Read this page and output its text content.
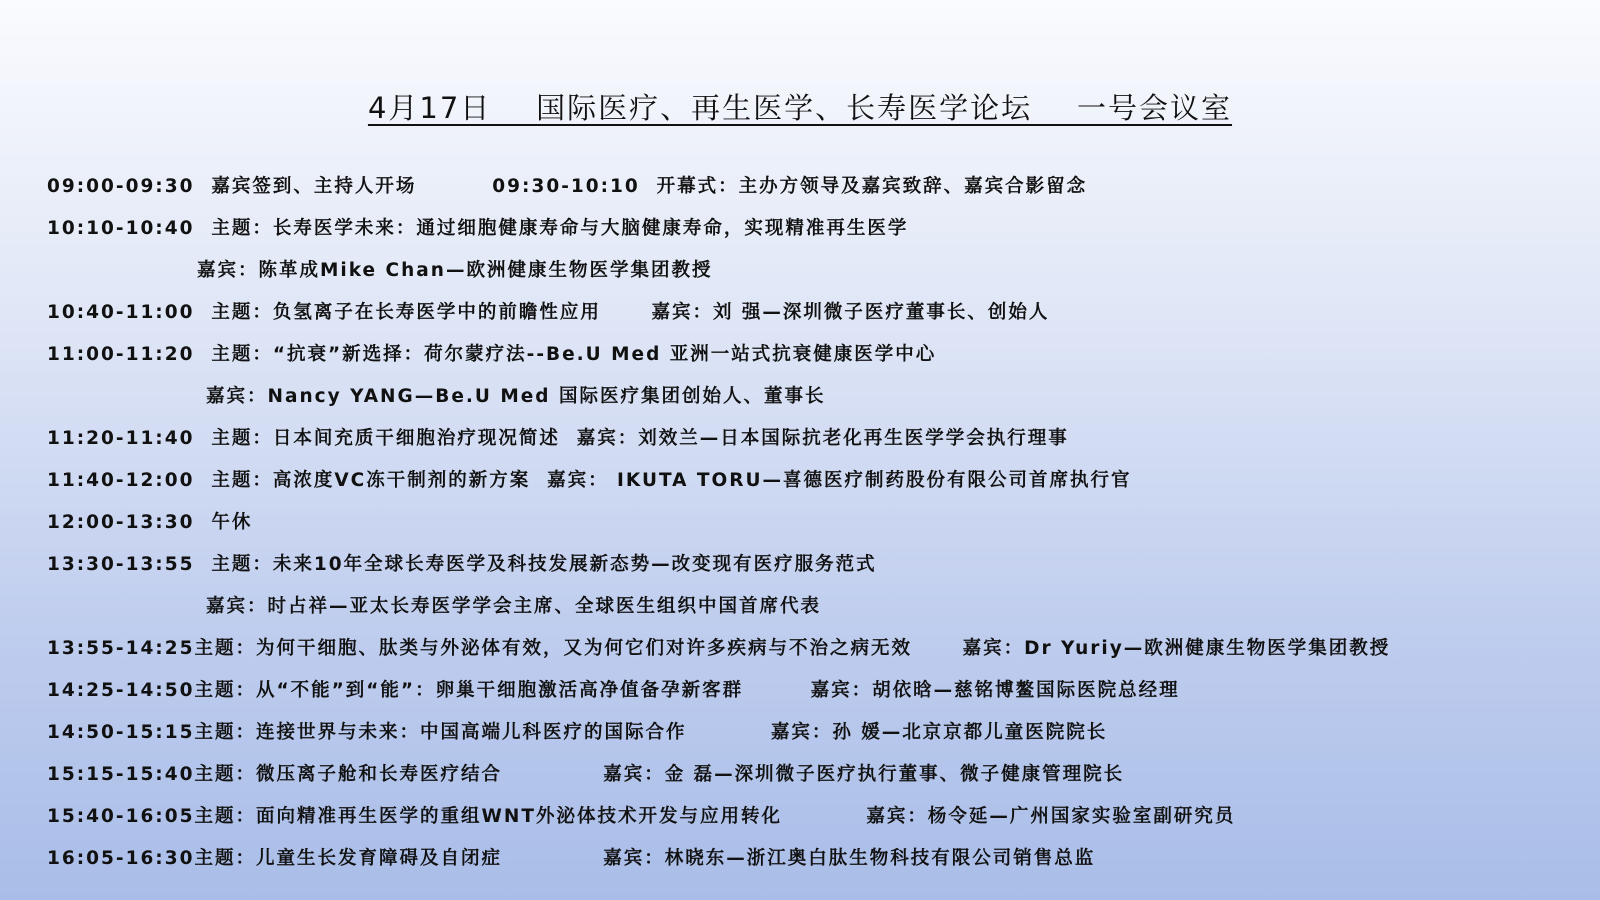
4月17日    国际医疗、再生医学、长寿医学论坛    一号会议室
09:00-09:30  嘉宾签到、主持人开场         09:30-10:10  开幕式：主办方领导及嘉宾致辞、嘉宾合影留念
10:10-10:40  主题：长寿医学未来：通过细胞健康寿命与大脑健康寿命，实现精准再生医学
嘉宾：陈革成Mike Chan—欧洲健康生物医学集团教授
10:40-11:00  主题：负氢离子在长寿医学中的前瞻性应用      嘉宾：刘 强—深圳微子医疗董事长、创始人
11:00-11:20  主题：“抗衰”新选择：荷尔蒙疗法--Be.U Med 亚洲一站式抗衰健康医学中心
嘉宾：Nancy YANG—Be.U Med 国际医疗集团创始人、董事长
11:20-11:40  主题：日本间充质干细胞治疗现况简述  嘉宾：刘效兰—日本国际抗老化再生医学学会执行理事
11:40-12:00  主题：高浓度VC冻干制剂的新方案  嘉宾： IKUTA TORU—喜德医疗制药股份有限公司首席执行官
12:00-13:30  午休
13:30-13:55  主题：未来10年全球长寿医学及科技发展新态势—改变现有医疗服务范式
嘉宾：时占祥—亚太长寿医学学会主席、全球医生组织中国首席代表
13:55-14:25主题：为何干细胞、肽类与外泌体有效，又为何它们对许多疾病与不治之病无效      嘉宾：Dr Yuriy—欧洲健康生物医学集团教授
14:25-14:50主题：从“不能”到“能”：卵巢干细胞激活高净值备孕新客群        嘉宾：胡依晗—慈铭博鳌国际医院总经理
14:50-15:15主题：连接世界与未来：中国高端儿科医疗的国际合作          嘉宾：孙 媛—北京京都儿童医院院长
15:15-15:40主题：微压离子舱和长寿医疗结合            嘉宾：金 磊—深圳微子医疗执行董事、微子健康管理院长
15:40-16:05主题：面向精准再生医学的重组WNT外泌体技术开发与应用转化          嘉宾：杨令延—广州国家实验室副研究员
16:05-16:30主题：儿童生长发育障碍及自闭症            嘉宾：林晓东—浙江奥白肽生物科技有限公司销售总监
